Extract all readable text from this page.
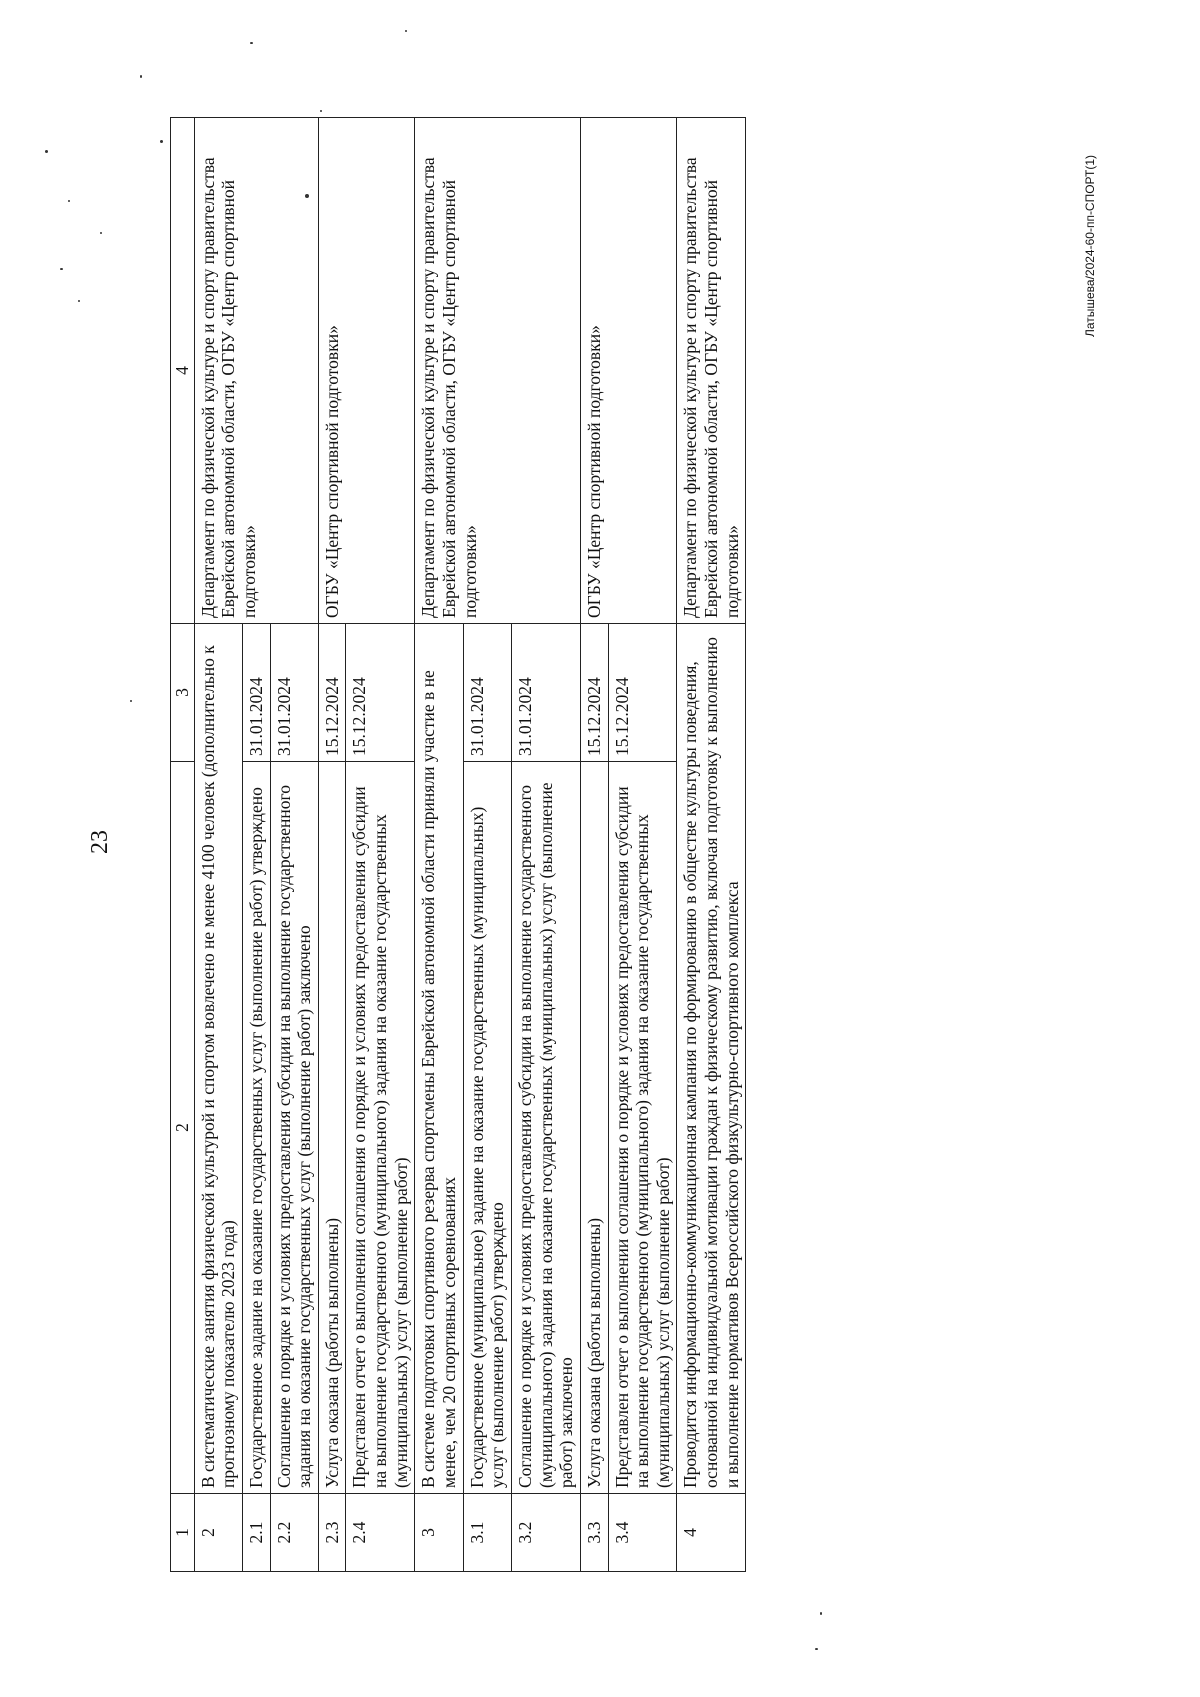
23
Латышева/2024-60-пп-СПОРТ(1)
1	2	3	4
2	В систематические занятия физической культурой и спортом вовлечено не менее 4100 человек (дополнительно к прогнозному показателю 2023 года)		Департамент по физической культуре и спорту правительства Еврейской автономной области, ОГБУ «Центр спортивной подготовки»
2.1	Государственное задание на оказание государственных услуг (выполнение работ) утверждено	31.01.2024	
2.2	Соглашение о порядке и условиях предоставления субсидии на выполнение государственного задания на оказание государственных услуг (выполнение работ) заключено	31.01.2024	
2.3	Услуга оказана (работы выполнены)	15.12.2024	ОГБУ «Центр спортивной подготовки»
2.4	Представлен отчет о выполнении соглашения о порядке и условиях предоставления субсидии на выполнение государственного (муниципального) задания на оказание государственных (муниципальных) услуг (выполнение работ)	15.12.2024	
3	В системе подготовки спортивного резерва спортсмены Еврейской автономной области приняли участие в не менее, чем 20 спортивных соревнованиях		Департамент по физической культуре и спорту правительства Еврейской автономной области, ОГБУ «Центр спортивной подготовки»
3.1	Государственное (муниципальное) задание на оказание государственных (муниципальных) услуг (выполнение работ) утверждено	31.01.2024	
3.2	Соглашение о порядке и условиях предоставления субсидии на выполнение государственного (муниципального) задания на оказание государственных (муниципальных) услуг (выполнение работ) заключено	31.01.2024	
3.3	Услуга оказана (работы выполнены)	15.12.2024	ОГБУ «Центр спортивной подготовки»
3.4	Представлен отчет о выполнении соглашения о порядке и условиях предоставления субсидии на выполнение государственного (муниципального) задания на оказание государственных (муниципальных) услуг (выполнение работ)	15.12.2024	
4	Проводится информационно-коммуникационная кампания по формированию в обществе культуры поведения, основанной на индивидуальной мотивации граждан к физическому развитию, включая подготовку к выполнению и выполнение нормативов Всероссийского физкультурно-спортивного комплекса		Департамент по физической культуре и спорту правительства Еврейской автономной области, ОГБУ «Центр спортивной подготовки»
